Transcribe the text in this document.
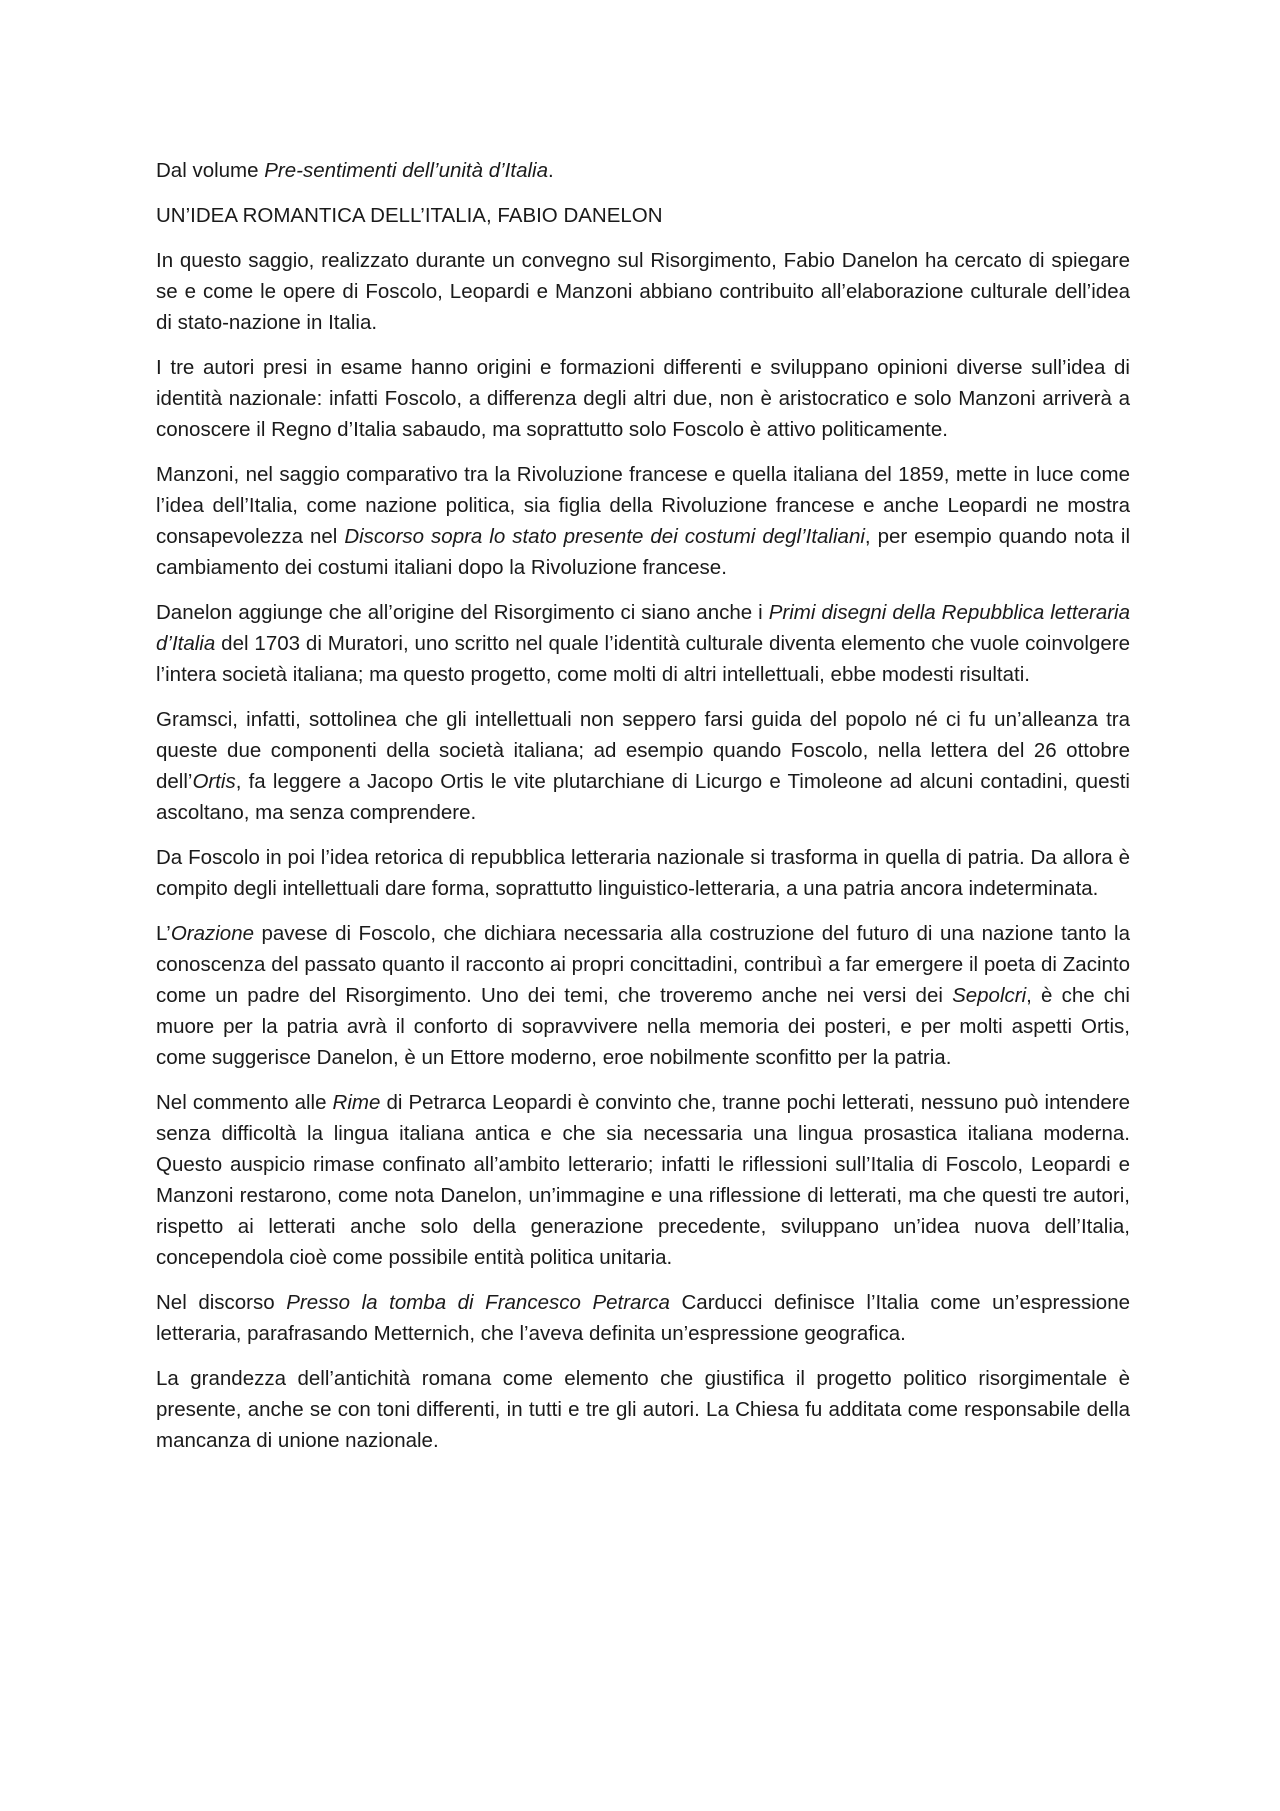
Dal volume Pre-sentimenti dell’unità d’Italia.

UN’IDEA ROMANTICA DELL’ITALIA, FABIO DANELON

In questo saggio, realizzato durante un convegno sul Risorgimento, Fabio Danelon ha cercato di spiegare se e come le opere di Foscolo, Leopardi e Manzoni abbiano contribuito all’elaborazione culturale dell’idea di stato-nazione in Italia.

I tre autori presi in esame hanno origini e formazioni differenti e sviluppano opinioni diverse sull’idea di identità nazionale: infatti Foscolo, a differenza degli altri due, non è aristocratico e solo Manzoni arriverà a conoscere il Regno d’Italia sabaudo, ma soprattutto solo Foscolo è attivo politicamente.

Manzoni, nel saggio comparativo tra la Rivoluzione francese e quella italiana del 1859, mette in luce come l’idea dell’Italia, come nazione politica, sia figlia della Rivoluzione francese e anche Leopardi ne mostra consapevolezza nel Discorso sopra lo stato presente dei costumi degl’Italiani, per esempio quando nota il cambiamento dei costumi italiani dopo la Rivoluzione francese.

Danelon aggiunge che all’origine del Risorgimento ci siano anche i Primi disegni della Repubblica letteraria d’Italia del 1703 di Muratori, uno scritto nel quale l’identità culturale diventa elemento che vuole coinvolgere l’intera società italiana; ma questo progetto, come molti di altri intellettuali, ebbe modesti risultati.

Gramsci, infatti, sottolinea che gli intellettuali non seppero farsi guida del popolo né ci fu un’alleanza tra queste due componenti della società italiana; ad esempio quando Foscolo, nella lettera del 26 ottobre dell’Ortis, fa leggere a Jacopo Ortis le vite plutarchiane di Licurgo e Timoleone ad alcuni contadini, questi ascoltano, ma senza comprendere.

Da Foscolo in poi l’idea retorica di repubblica letteraria nazionale si trasforma in quella di patria. Da allora è compito degli intellettuali dare forma, soprattutto linguistico-letteraria, a una patria ancora indeterminata.

L’Orazione pavese di Foscolo, che dichiara necessaria alla costruzione del futuro di una nazione tanto la conoscenza del passato quanto il racconto ai propri concittadini, contribuì a far emergere il poeta di Zacinto come un padre del Risorgimento. Uno dei temi, che troveremo anche nei versi dei Sepolcri, è che chi muore per la patria avrà il conforto di sopravvivere nella memoria dei posteri, e per molti aspetti Ortis, come suggerisce Danelon, è un Ettore moderno, eroe nobilmente sconfitto per la patria.

Nel commento alle Rime di Petrarca Leopardi è convinto che, tranne pochi letterati, nessuno può intendere senza difficoltà la lingua italiana antica e che sia necessaria una lingua prosastica italiana moderna. Questo auspicio rimase confinato all’ambito letterario; infatti le riflessioni sull’Italia di Foscolo, Leopardi e Manzoni restarono, come nota Danelon, un’immagine e una riflessione di letterati, ma che questi tre autori, rispetto ai letterati anche solo della generazione precedente, sviluppano un’idea nuova dell’Italia, concependola cioè come possibile entità politica unitaria.

Nel discorso Presso la tomba di Francesco Petrarca Carducci definisce l’Italia come un’espressione letteraria, parafrasando Metternich, che l’aveva definita un’espressione geografica.

La grandezza dell’antichità romana come elemento che giustifica il progetto politico risorgimentale è presente, anche se con toni differenti, in tutti e tre gli autori. La Chiesa fu additata come responsabile della mancanza di unione nazionale.
